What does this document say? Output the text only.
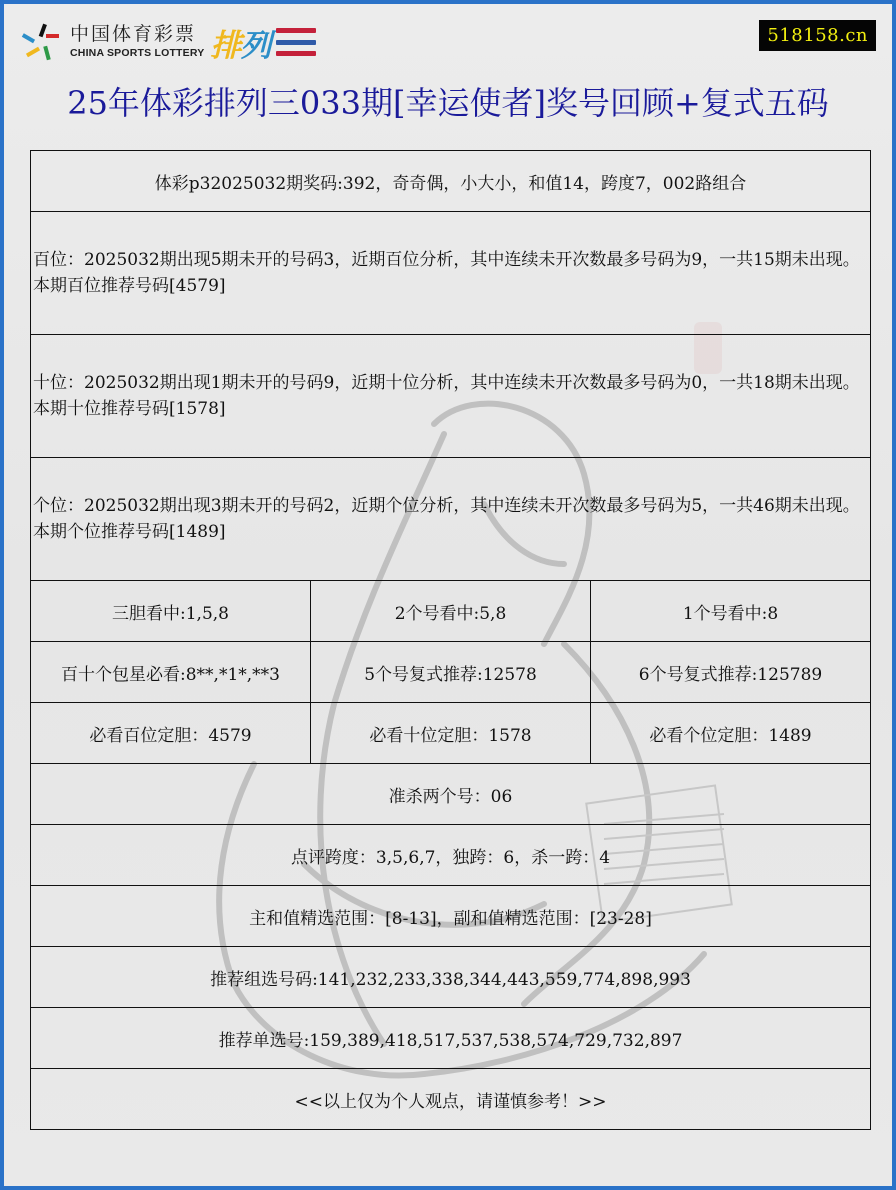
中国体育彩票
CHINA SPORTS LOTTERY 排 列	518158.cn
25年体彩排列三033期[幸运使者]奖号回顾+复式五码
体彩p32025032期奖码:392，奇奇偶，小大小，和值14，跨度7，002路组合		
百位：2025032期出现5期未开的号码3，近期百位分析，其中连续未开次数最多号码为9，一共15期未出现。本期百位推荐号码[4579]		
十位：2025032期出现1期未开的号码9，近期十位分析，其中连续未开次数最多号码为0，一共18期未出现。本期十位推荐号码[1578]		
个位：2025032期出现3期未开的号码2，近期个位分析，其中连续未开次数最多号码为5，一共46期未出现。本期个位推荐号码[1489]		
三胆看中:1,5,8	2个号看中:5,8	1个号看中:8
百十个包星必看:8**,*1*,**3	5个号复式推荐:12578	6个号复式推荐:125789
必看百位定胆：4579	必看十位定胆：1578	必看个位定胆：1489
准杀两个号：06		
点评跨度：3,5,6,7，独跨：6，杀一跨：4		
主和值精选范围：[8-13]，副和值精选范围：[23-28]		
推荐组选号码:141,232,233,338,344,443,559,774,898,993		
推荐单选号:159,389,418,517,537,538,574,729,732,897		
<<以上仅为个人观点，请谨慎参考！>>		
